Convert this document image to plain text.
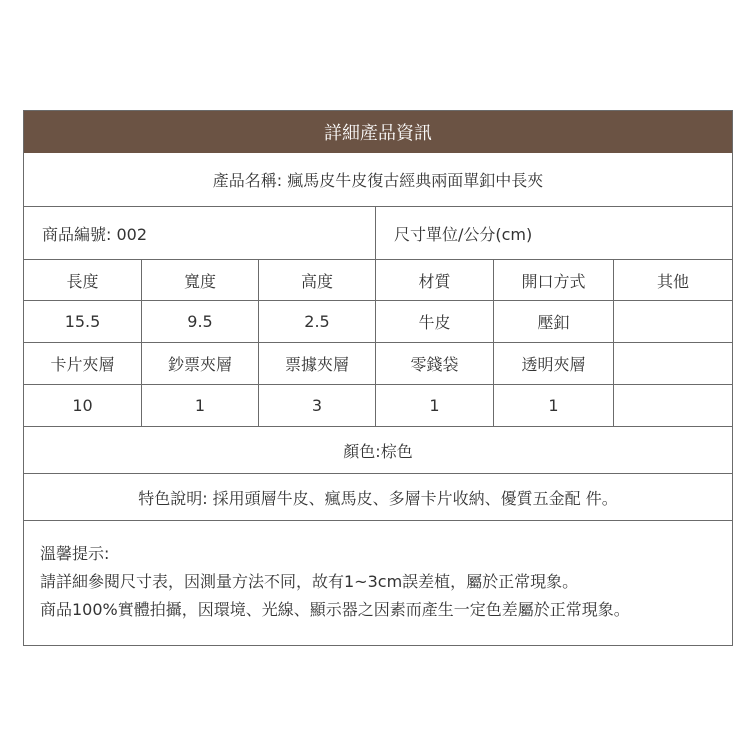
詳細產品資訊
產品名稱: 瘋馬皮牛皮復古經典兩面單釦中長夾
商品編號: 002	尺寸單位/公分(cm)
長度	寬度	高度	材質	開口方式	其他
15.5	9.5	2.5	牛皮	壓釦
卡片夾層	鈔票夾層	票據夾層	零錢袋	透明夾層
10	1	3	1	1
顏色:棕色
特色說明: 採用頭層牛皮、瘋馬皮、多層卡片收納、優質五金配 件。
溫馨提示:
請詳細參閱尺寸表，因測量方法不同，故有1~3cm誤差植，屬於正常現象。
商品100%實體拍攝，因環境、光線、顯示器之因素而產生一定色差屬於正常現象。
